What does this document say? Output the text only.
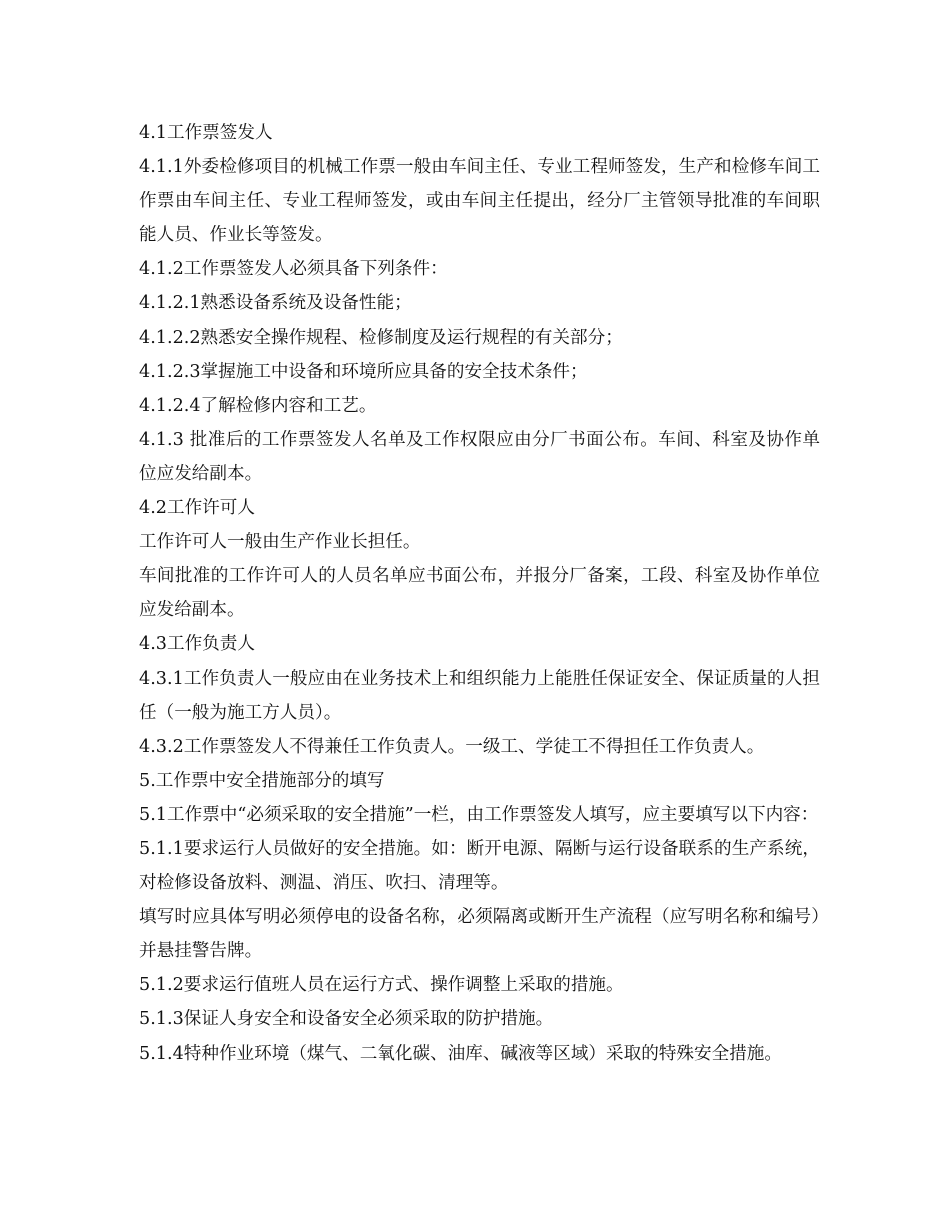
4.1工作票签发人

4.1.1外委检修项目的机械工作票一般由车间主任、专业工程师签发，生产和检修车间工作票由车间主任、专业工程师签发，或由车间主任提出，经分厂主管领导批准的车间职能人员、作业长等签发。

4.1.2工作票签发人必须具备下列条件：

4.1.2.1熟悉设备系统及设备性能；

4.1.2.2熟悉安全操作规程、检修制度及运行规程的有关部分；

4.1.2.3掌握施工中设备和环境所应具备的安全技术条件；

4.1.2.4了解检修内容和工艺。

4.1.3 批准后的工作票签发人名单及工作权限应由分厂书面公布。车间、科室及协作单位应发给副本。

4.2工作许可人

工作许可人一般由生产作业长担任。

车间批准的工作许可人的人员名单应书面公布，并报分厂备案，工段、科室及协作单位应发给副本。

4.3工作负责人

4.3.1工作负责人一般应由在业务技术上和组织能力上能胜任保证安全、保证质量的人担任（一般为施工方人员）。

4.3.2工作票签发人不得兼任工作负责人。一级工、学徒工不得担任工作负责人。

5.工作票中安全措施部分的填写

5.1工作票中“必须采取的安全措施”一栏，由工作票签发人填写，应主要填写以下内容：

5.1.1要求运行人员做好的安全措施。如：断开电源、隔断与运行设备联系的生产系统，对检修设备放料、测温、消压、吹扫、清理等。

填写时应具体写明必须停电的设备名称，必须隔离或断开生产流程（应写明名称和编号）并悬挂警告牌。

5.1.2要求运行值班人员在运行方式、操作调整上采取的措施。

5.1.3保证人身安全和设备安全必须采取的防护措施。

5.1.4特种作业环境（煤气、二氧化碳、油库、碱液等区域）采取的特殊安全措施。
